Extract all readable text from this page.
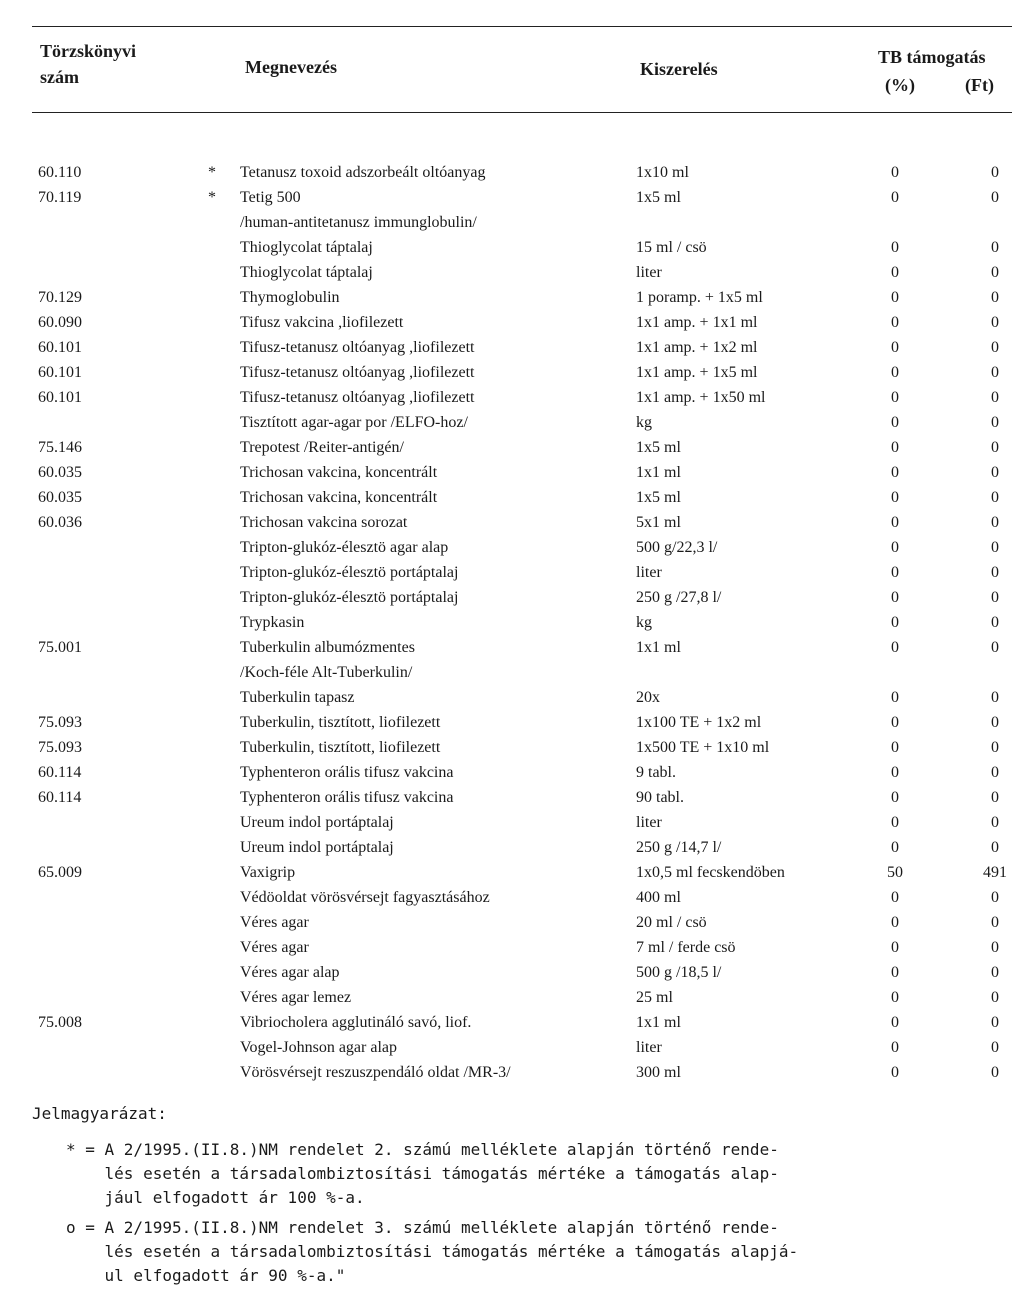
Törzskönyvi
szám	Megnevezés	Kiszerelés
TB támogatás
(%)	(Ft)
60.110	* Tetanusz toxoid adszorbeált oltóanyag	1x10 ml	0	0
70.119	* Tetig 500	1x5 ml	0	0
/human-antitetanusz immunglobulin/
Thioglycolat táptalaj	15 ml / csö	0	0
Thioglycolat táptalaj	liter	0	0
70.129	Thymoglobulin	1 poramp. + 1x5 ml	0	0
60.090	Tifusz vakcina ,liofilezett	1x1 amp. + 1x1 ml	0	0
60.101	Tifusz-tetanusz oltóanyag ,liofilezett	1x1 amp. + 1x2 ml	0	0
60.101	Tifusz-tetanusz oltóanyag ,liofilezett	1x1 amp. + 1x5 ml	0	0
60.101	Tifusz-tetanusz oltóanyag ,liofilezett	1x1 amp. + 1x50 ml	0	0
Tisztított agar-agar por /ELFO-hoz/	kg	0	0
75.146	Trepotest /Reiter-antigén/	1x5 ml	0	0
60.035	Trichosan vakcina, koncentrált	1x1 ml	0	0
60.035	Trichosan vakcina, koncentrált	1x5 ml	0	0
60.036	Trichosan vakcina sorozat	5x1 ml	0	0
Tripton-glukóz-élesztö agar alap	500 g/22,3 l/	0	0
Tripton-glukóz-élesztö portáptalaj	liter	0	0
Tripton-glukóz-élesztö portáptalaj	250 g /27,8 l/	0	0
Trypkasin	kg	0	0
75.001	Tuberkulin albumózmentes	1x1 ml	0	0
/Koch-féle Alt-Tuberkulin/
Tuberkulin tapasz	20x	0	0
75.093	Tuberkulin, tisztított, liofilezett	1x100 TE + 1x2 ml	0	0
75.093	Tuberkulin, tisztított, liofilezett	1x500 TE + 1x10 ml	0	0
60.114	Typhenteron orális tifusz vakcina	9 tabl.	0	0
60.114	Typhenteron orális tifusz vakcina	90 tabl.	0	0
Ureum indol portáptalaj	liter	0	0
Ureum indol portáptalaj	250 g /14,7 l/	0	0
65.009	Vaxigrip	1x0,5 ml fecskendöben	50	491
Védöoldat vörösvérsejt fagyasztásához	400 ml	0	0
Véres agar	20 ml / csö	0	0
Véres agar	7 ml / ferde csö	0	0
Véres agar alap	500 g /18,5 l/	0	0
Véres agar lemez	25 ml	0	0
75.008	Vibriocholera agglutináló savó, liof.	1x1 ml	0	0
Vogel-Johnson agar alap	liter	0	0
Vörösvérsejt reszuszpendáló oldat /MR-3/	300 ml	0	0
Jelmagyarázat:
* = A 2/1995.(II.8.)NM rendelet 2. számú melléklete alapján történő rende-
lés esetén a társadalombiztosítási támogatás mértéke a támogatás alap-
jául elfogadott ár 100 %-a.
o = A 2/1995.(II.8.)NM rendelet 3. számú melléklete alapján történő rende-
lés esetén a társadalombiztosítási támogatás mértéke a támogatás alapjá-
ul elfogadott ár 90 %-a."
